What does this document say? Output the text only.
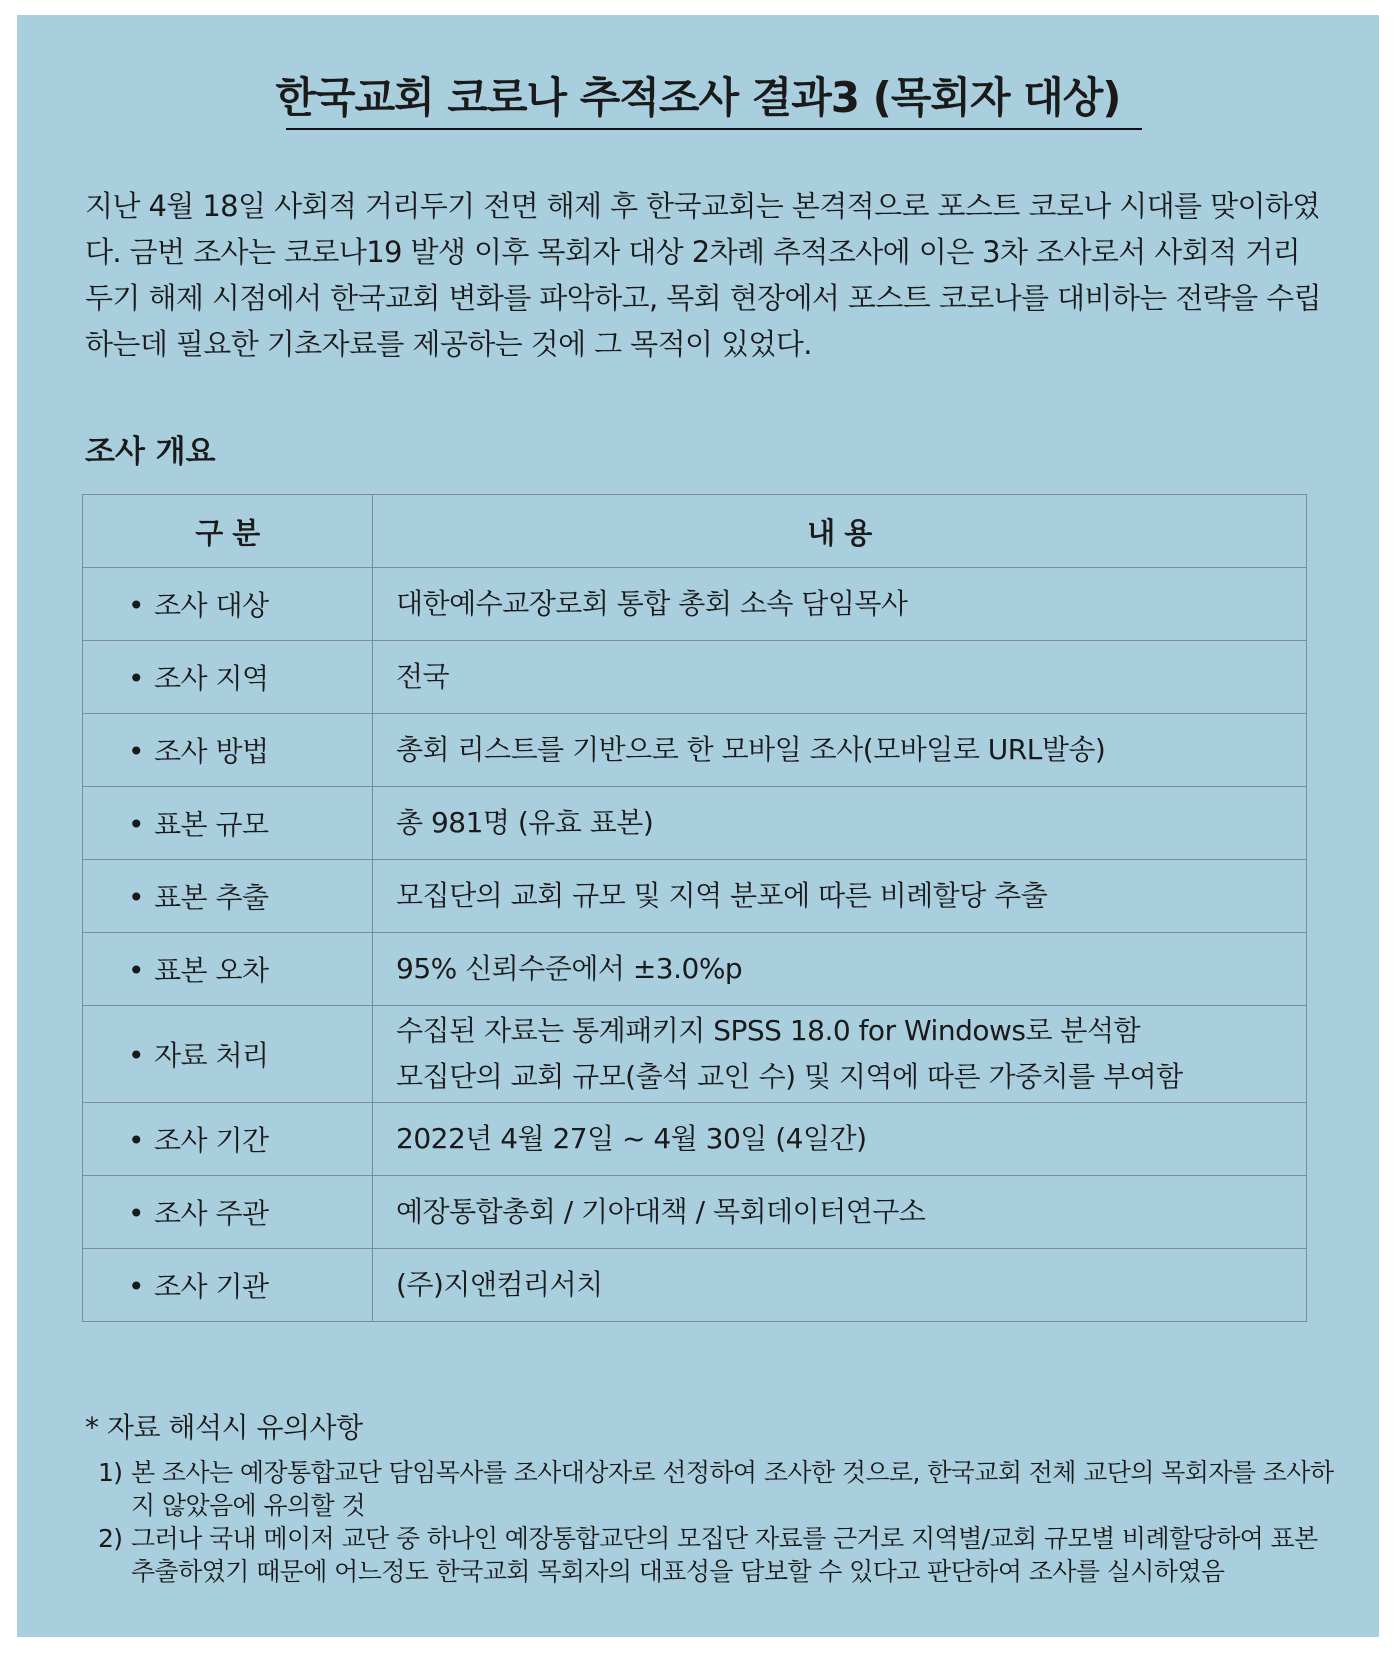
한국교회 코로나 추적조사 결과3 (목회자 대상)

지난 4월 18일 사회적 거리두기 전면 해제 후 한국교회는 본격적으로 포스트 코로나 시대를 맞이하였다. 금번 조사는 코로나19 발생 이후 목회자 대상 2차례 추적조사에 이은 3차 조사로서 사회적 거리두기 해제 시점에서 한국교회 변화를 파악하고, 목회 현장에서 포스트 코로나를 대비하는 전략을 수립하는데 필요한 기초자료를 제공하는 것에 그 목적이 있었다.

조사 개요
구 분	내 용
• 조사 대상	대한예수교장로회 통합 총회 소속 담임목사

• 조사 지역	전국

• 조사 방법	총회 리스트를 기반으로 한 모바일 조사(모바일로 URL발송)

• 표본 규모	총 981명 (유효 표본)

• 표본 추출	모집단의 교회 규모 및 지역 분포에 따른 비례할당 추출

• 표본 오차	95% 신뢰수준에서 ±3.0%p

• 자료 처리	수집된 자료는 통계패키지 SPSS 18.0 for Windows로 분석함
모집단의 교회 규모(출석 교인 수) 및 지역에 따른 가중치를 부여함

• 조사 기간	2022년 4월 27일 ~ 4월 30일 (4일간)

• 조사 주관	예장통합총회 / 기아대책 / 목회데이터연구소

• 조사 기관	(주)지앤컴리서치

* 자료 해석시 유의사항

1) 본 조사는 예장통합교단 담임목사를 조사대상자로 선정하여 조사한 것으로, 한국교회 전체 교단의 목회자를 조사하지 않았음에 유의할 것

2) 그러나 국내 메이저 교단 중 하나인 예장통합교단의 모집단 자료를 근거로 지역별/교회 규모별 비례할당하여 표본추출하였기 때문에 어느정도 한국교회 목회자의 대표성을 담보할 수 있다고 판단하여 조사를 실시하였음
